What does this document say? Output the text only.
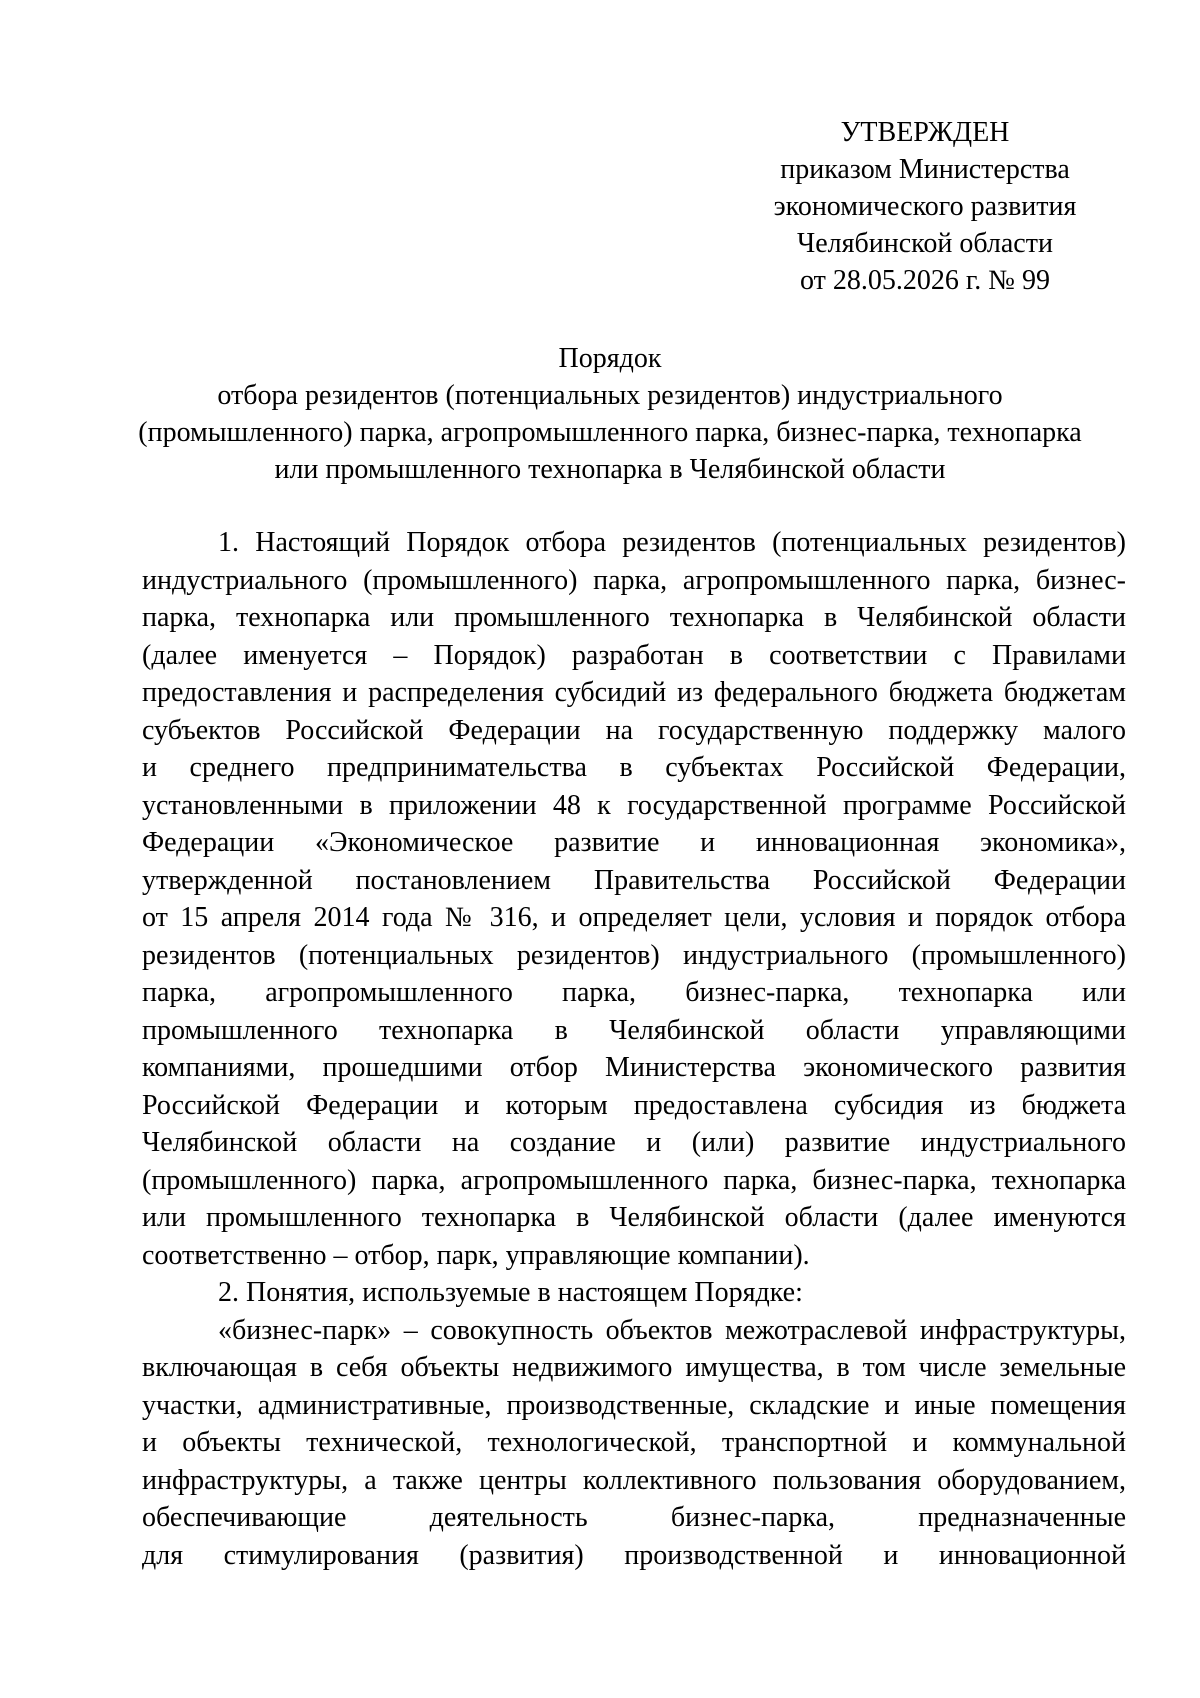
УТВЕРЖДЕН
приказом Министерства
экономического развития
Челябинской области
от 28.05.2026 г. № 99
Порядок
отбора резидентов (потенциальных резидентов) индустриального
(промышленного) парка, агропромышленного парка, бизнес-парка, технопарка
или промышленного технопарка в Челябинской области
1. Настоящий Порядок отбора резидентов (потенциальных резидентов)
индустриального (промышленного) парка, агропромышленного парка, бизнес-
парка, технопарка или промышленного технопарка в Челябинской области
(далее именуется – Порядок) разработан в соответствии с Правилами
предоставления и распределения субсидий из федерального бюджета бюджетам
субъектов Российской Федерации на государственную поддержку малого
и среднего предпринимательства в субъектах Российской Федерации,
установленными в приложении 48 к государственной программе Российской
Федерации «Экономическое развитие и инновационная экономика»,
утвержденной постановлением Правительства Российской Федерации
от 15 апреля 2014 года № 316, и определяет цели, условия и порядок отбора
резидентов (потенциальных резидентов) индустриального (промышленного)
парка, агропромышленного парка, бизнес-парка, технопарка или
промышленного технопарка в Челябинской области управляющими
компаниями, прошедшими отбор Министерства экономического развития
Российской Федерации и которым предоставлена субсидия из бюджета
Челябинской области на создание и (или) развитие индустриального
(промышленного) парка, агропромышленного парка, бизнес-парка, технопарка
или промышленного технопарка в Челябинской области (далее именуются
соответственно – отбор, парк, управляющие компании).
2. Понятия, используемые в настоящем Порядке:
«бизнес-парк» – совокупность объектов межотраслевой инфраструктуры,
включающая в себя объекты недвижимого имущества, в том числе земельные
участки, административные, производственные, складские и иные помещения
и объекты технической, технологической, транспортной и коммунальной
инфраструктуры, а также центры коллективного пользования оборудованием,
обеспечивающие деятельность бизнес-парка, предназначенные
для стимулирования (развития) производственной и инновационной
